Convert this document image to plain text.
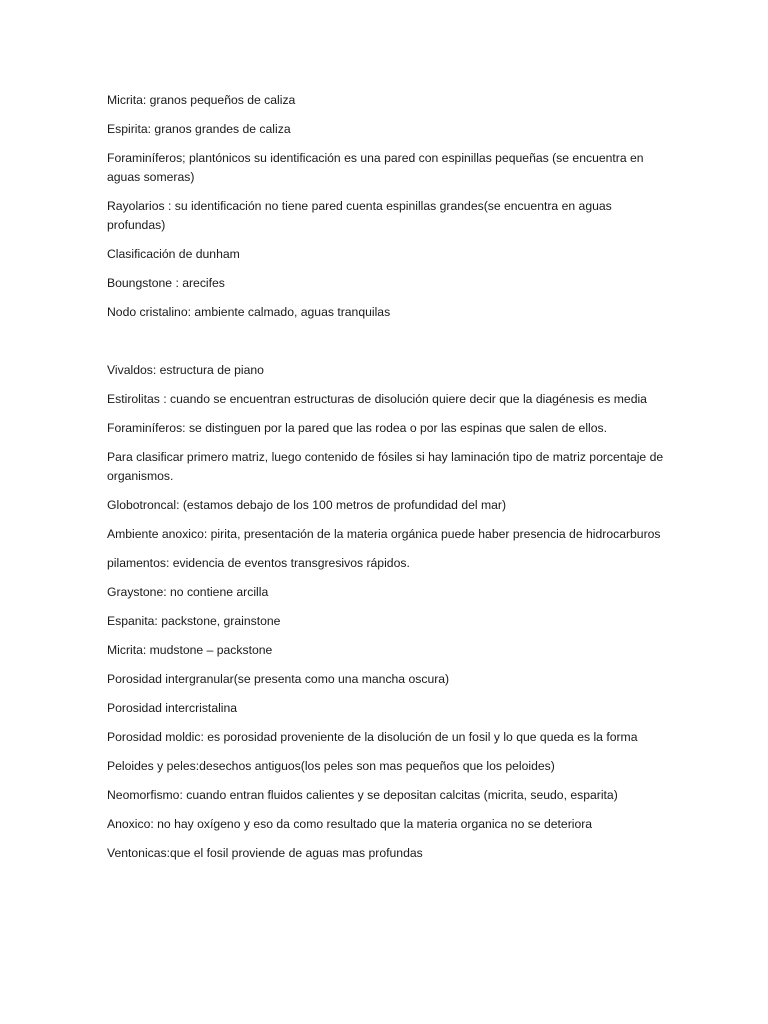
Micrita: granos pequeños de caliza

Espirita: granos grandes de caliza

Foraminíferos; plantónicos su identificación es una pared con espinillas pequeñas (se encuentra en aguas someras)

Rayolarios : su identificación no tiene pared cuenta espinillas grandes(se encuentra en aguas profundas)

Clasificación de dunham

Boungstone : arecifes

Nodo cristalino: ambiente calmado, aguas tranquilas

Vivaldos: estructura de piano

Estirolitas : cuando se encuentran estructuras de disolución quiere decir que la diagénesis es media

Foraminíferos: se distinguen por la pared que las rodea o por las espinas que salen de ellos.

Para clasificar primero matriz, luego contenido de fósiles si hay laminación tipo de matriz porcentaje de organismos.

Globotroncal: (estamos debajo de los 100 metros de profundidad del mar)

Ambiente anoxico: pirita, presentación de la materia orgánica puede haber presencia de hidrocarburos

pilamentos: evidencia de eventos transgresivos rápidos.

Graystone: no contiene arcilla

Espanita: packstone, grainstone

Micrita: mudstone – packstone

Porosidad intergranular(se presenta como una mancha oscura)

Porosidad intercristalina

Porosidad moldic: es porosidad proveniente de la disolución de un fosil y lo que queda es la forma

Peloides y peles:desechos antiguos(los peles son mas pequeños que los peloides)

Neomorfismo: cuando entran fluidos calientes y se depositan calcitas (micrita, seudo, esparita)

Anoxico: no hay oxígeno y eso da como resultado que la materia organica no se deteriora

Ventonicas:que el fosil proviende de aguas mas profundas
